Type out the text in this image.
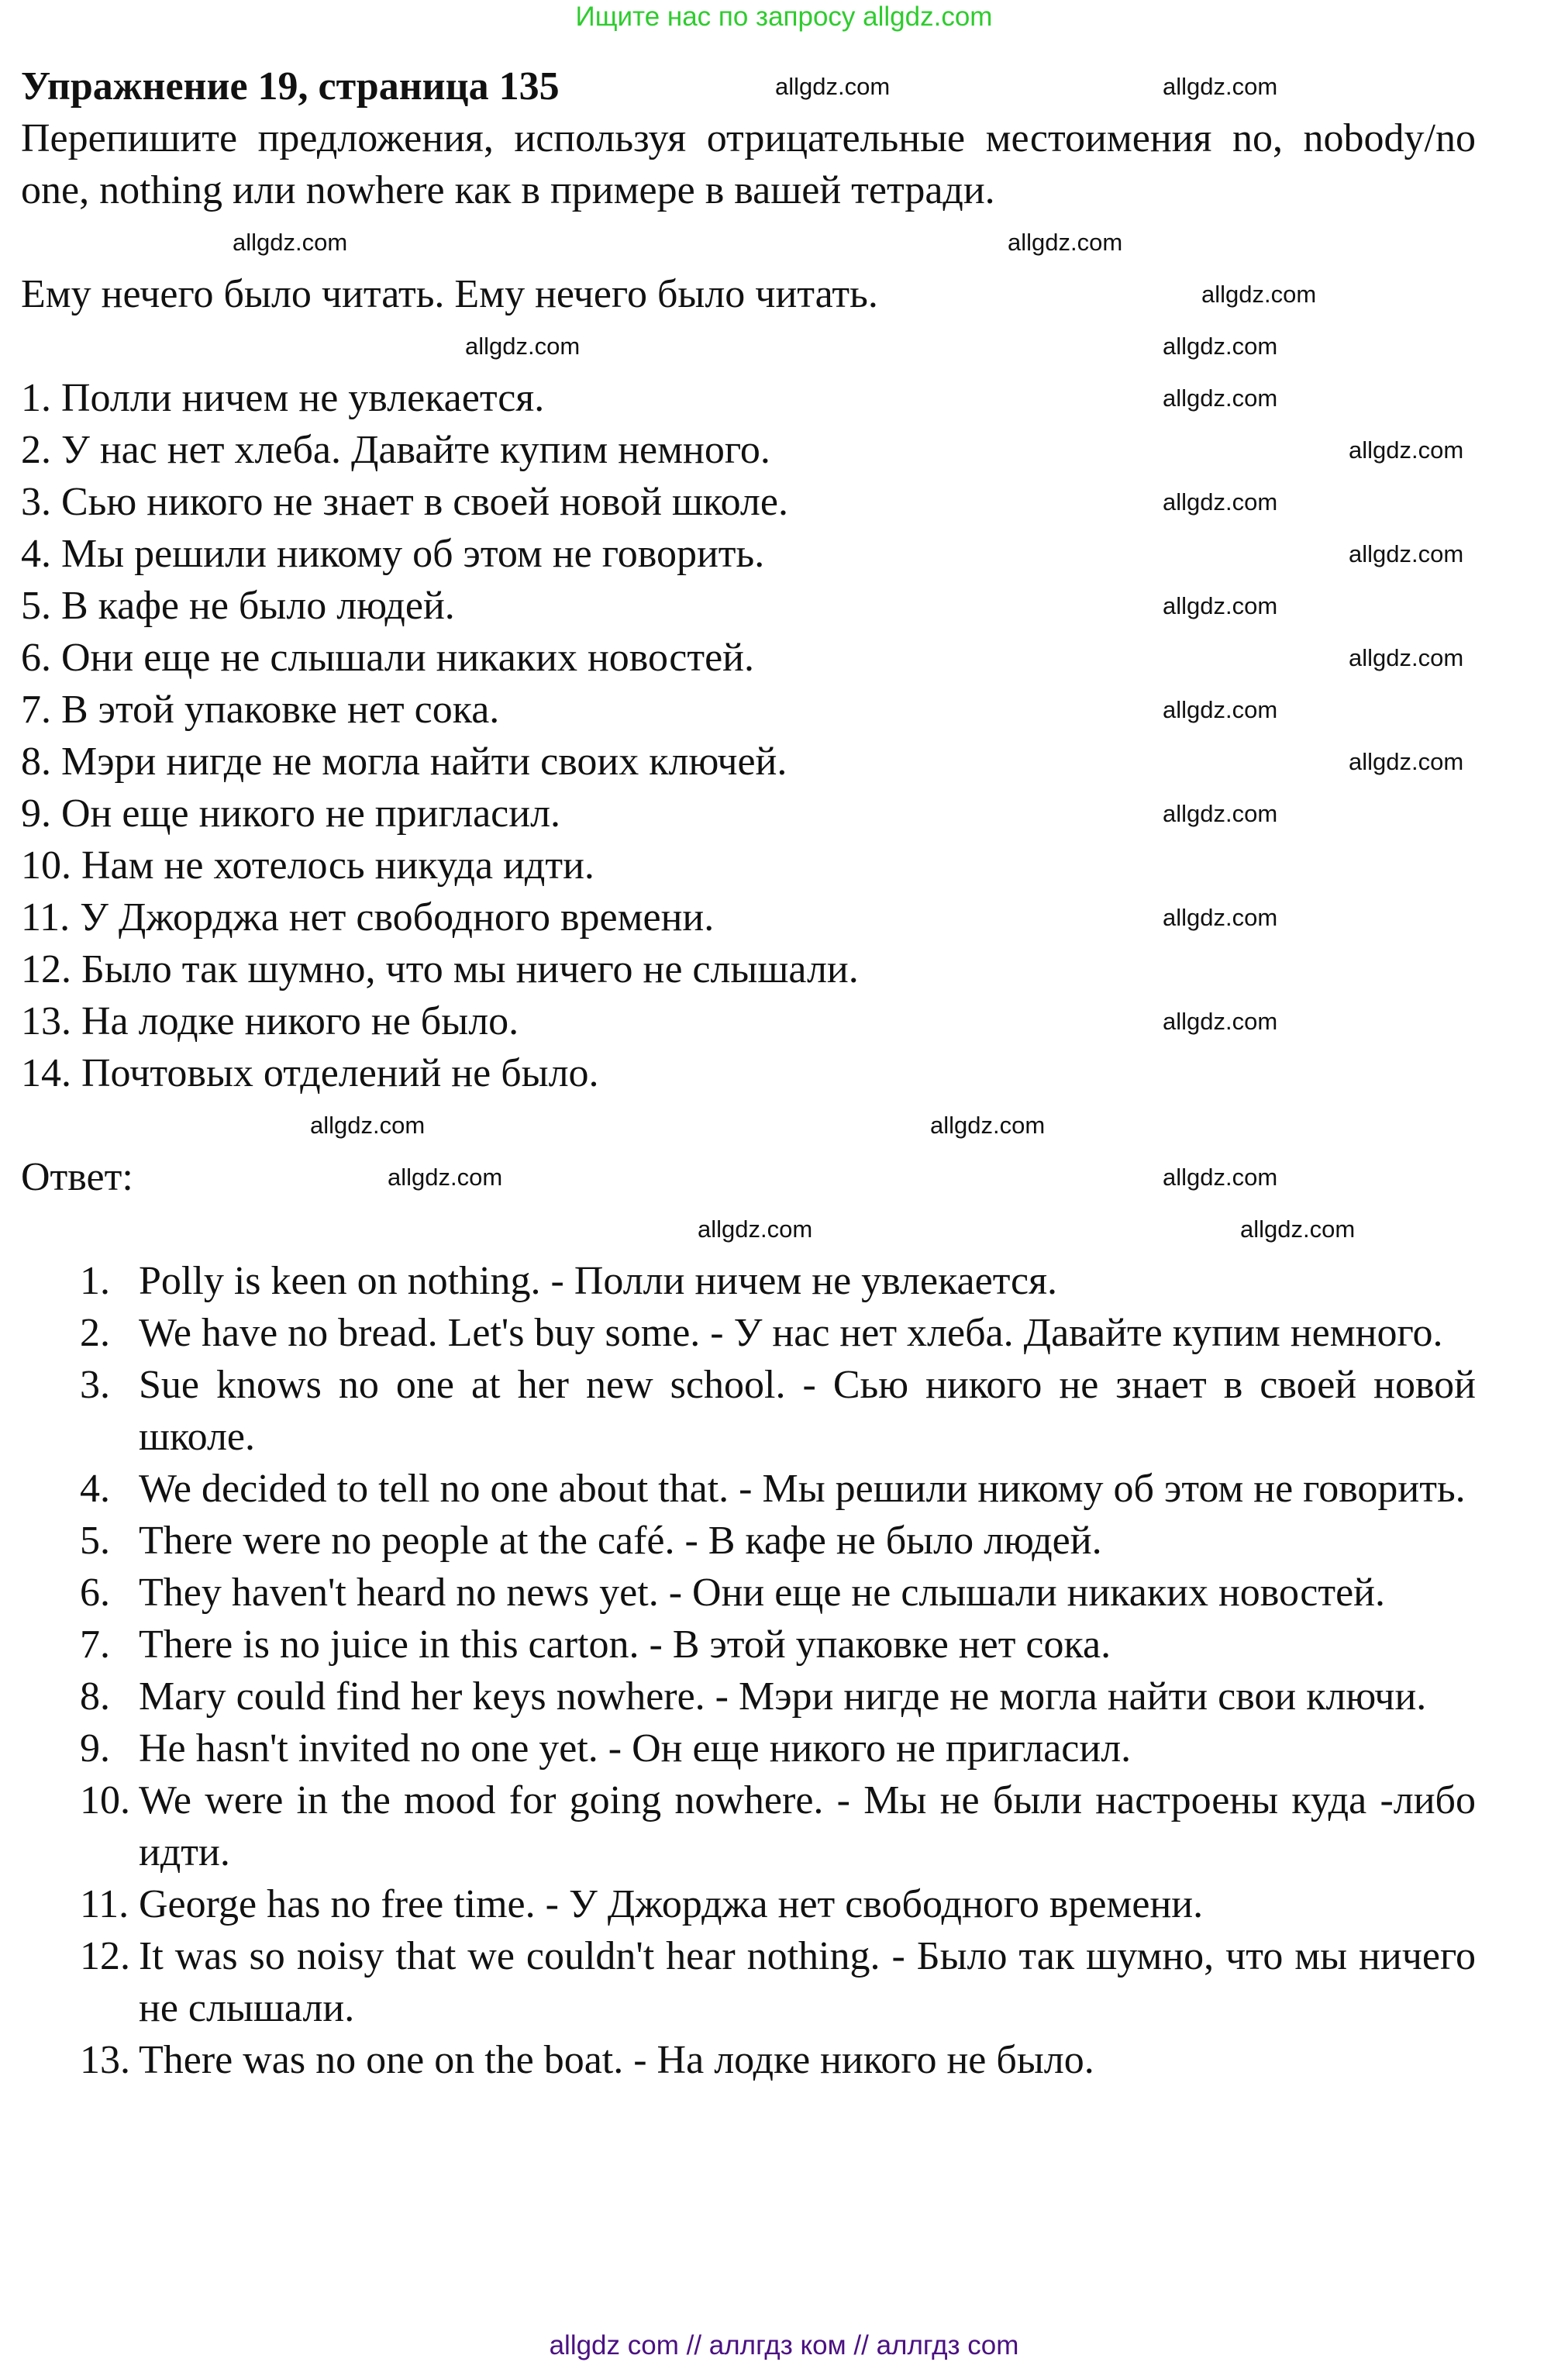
Ищите нас по запросу allgdz.com
Упражнение 19, страница 135
Перепишите предложения, используя отрицательные местоимения no, nobody/no one, nothing или nowhere как в примере в вашей тетради.
Ему нечего было читать. Ему нечего было читать.
1. Полли ничем не увлекается.
2. У нас нет хлеба. Давайте купим немного.
3. Сью никого не знает в своей новой школе.
4. Мы решили никому об этом не говорить.
5. В кафе не было людей.
6. Они еще не слышали никаких новостей.
7. В этой упаковке нет сока.
8. Мэри нигде не могла найти своих ключей.
9. Он еще никого не пригласил.
10. Нам не хотелось никуда идти.
11. У Джорджа нет свободного времени.
12. Было так шумно, что мы ничего не слышали.
13. На лодке никого не было.
14. Почтовых отделений не было.
Ответ:
1. Polly is keen on nothing. - Полли ничем не увлекается.
2. We have no bread. Let's buy some. - У нас нет хлеба. Давайте купим немного.
3. Sue knows no one at her new school. - Сью никого не знает в своей новой школе.
4. We decided to tell no one about that. - Мы решили никому об этом не говорить.
5. There were no people at the café. - В кафе не было людей.
6. They haven't heard no news yet. - Они еще не слышали никаких новостей.
7. There is no juice in this carton. - В этой упаковке нет сока.
8. Mary could find her keys nowhere. - Мэри нигде не могла найти свои ключи.
9. He hasn't invited no one yet. - Он еще никого не пригласил.
10. We were in the mood for going nowhere. - Мы не были настроены куда -либо идти.
11. George has no free time. - У Джорджа нет свободного времени.
12. It was so noisy that we couldn't hear nothing. - Было так шумно, что мы ничего не слышали.
13. There was no one on the boat. - На лодке никого не было.
allgdz.com	allgdz.com
allgdz.com	allgdz.com
allgdz.com
allgdz.com	allgdz.com
allgdz.com
allgdz.com
allgdz.com
allgdz.com
allgdz.com
allgdz.com
allgdz.com
allgdz.com
allgdz.com
allgdz.com
allgdz.com
allgdz.com	allgdz.com
allgdz.com	allgdz.com
allgdz.com	allgdz.com
allgdz com // аллгдз ком // аллгдз com
